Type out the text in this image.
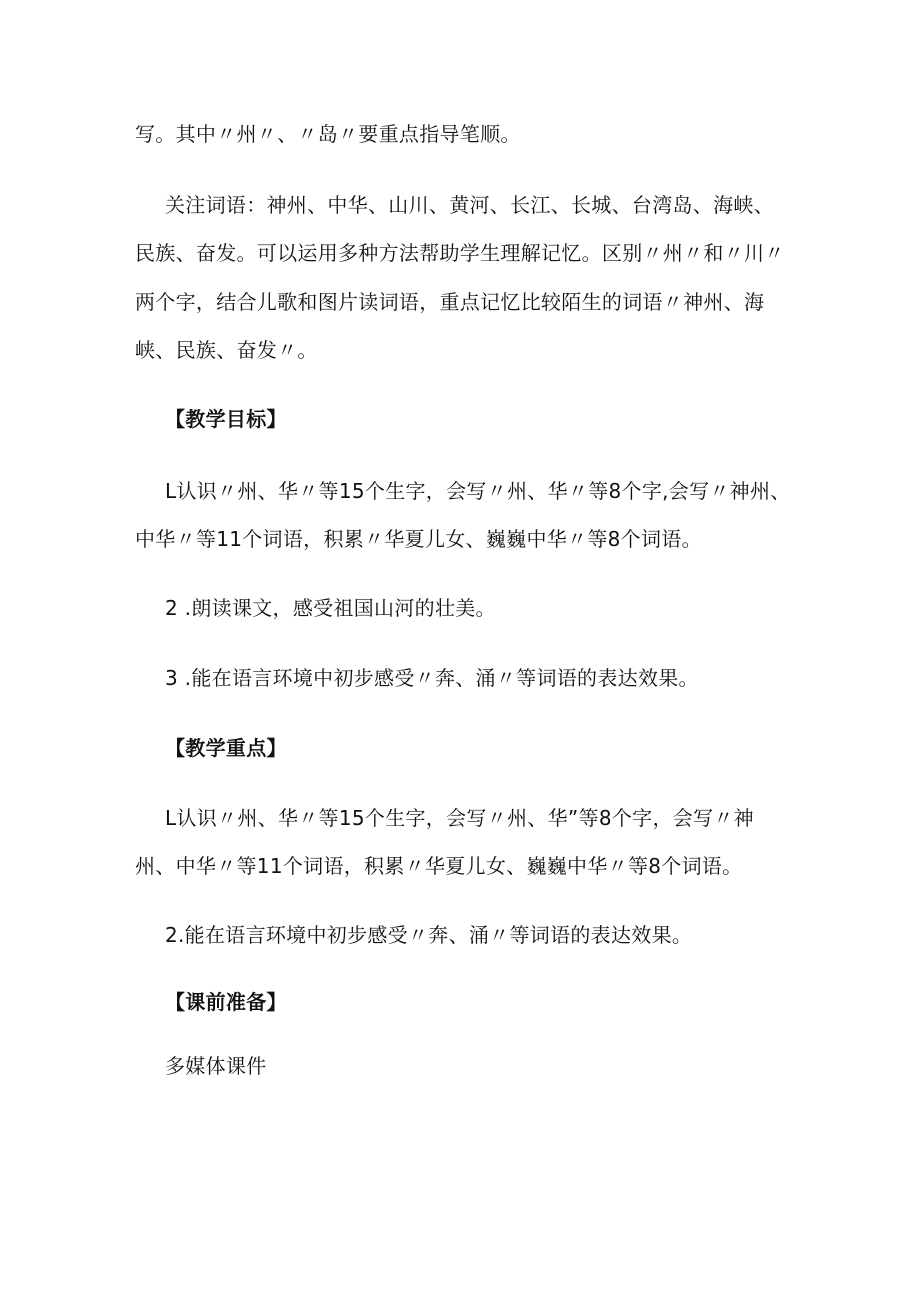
写。其中〃州〃、〃岛〃要重点指导笔顺。
关注词语：神州、中华、山川、黄河、长江、长城、台湾岛、海峡、
民族、奋发。可以运用多种方法帮助学生理解记忆。区别〃州〃和〃川〃
两个字，结合儿歌和图片读词语，重点记忆比较陌生的词语〃神州、海
峡、民族、奋发〃。
【教学目标】
L认识〃州、华〃等15个生字，会写〃州、华〃等8个字,会写〃神州、
中华〃等11个词语，积累〃华夏儿女、巍巍中华〃等8个词语。
2 .朗读课文，感受祖国山河的壮美。
3 .能在语言环境中初步感受〃奔、涌〃等词语的表达效果。
【教学重点】
L认识〃州、华〃等15个生字，会写〃州、华”等8个字，会写〃神
州、中华〃等11个词语，积累〃华夏儿女、巍巍中华〃等8个词语。
2.能在语言环境中初步感受〃奔、涌〃等词语的表达效果。
【课前准备】
多媒体课件
